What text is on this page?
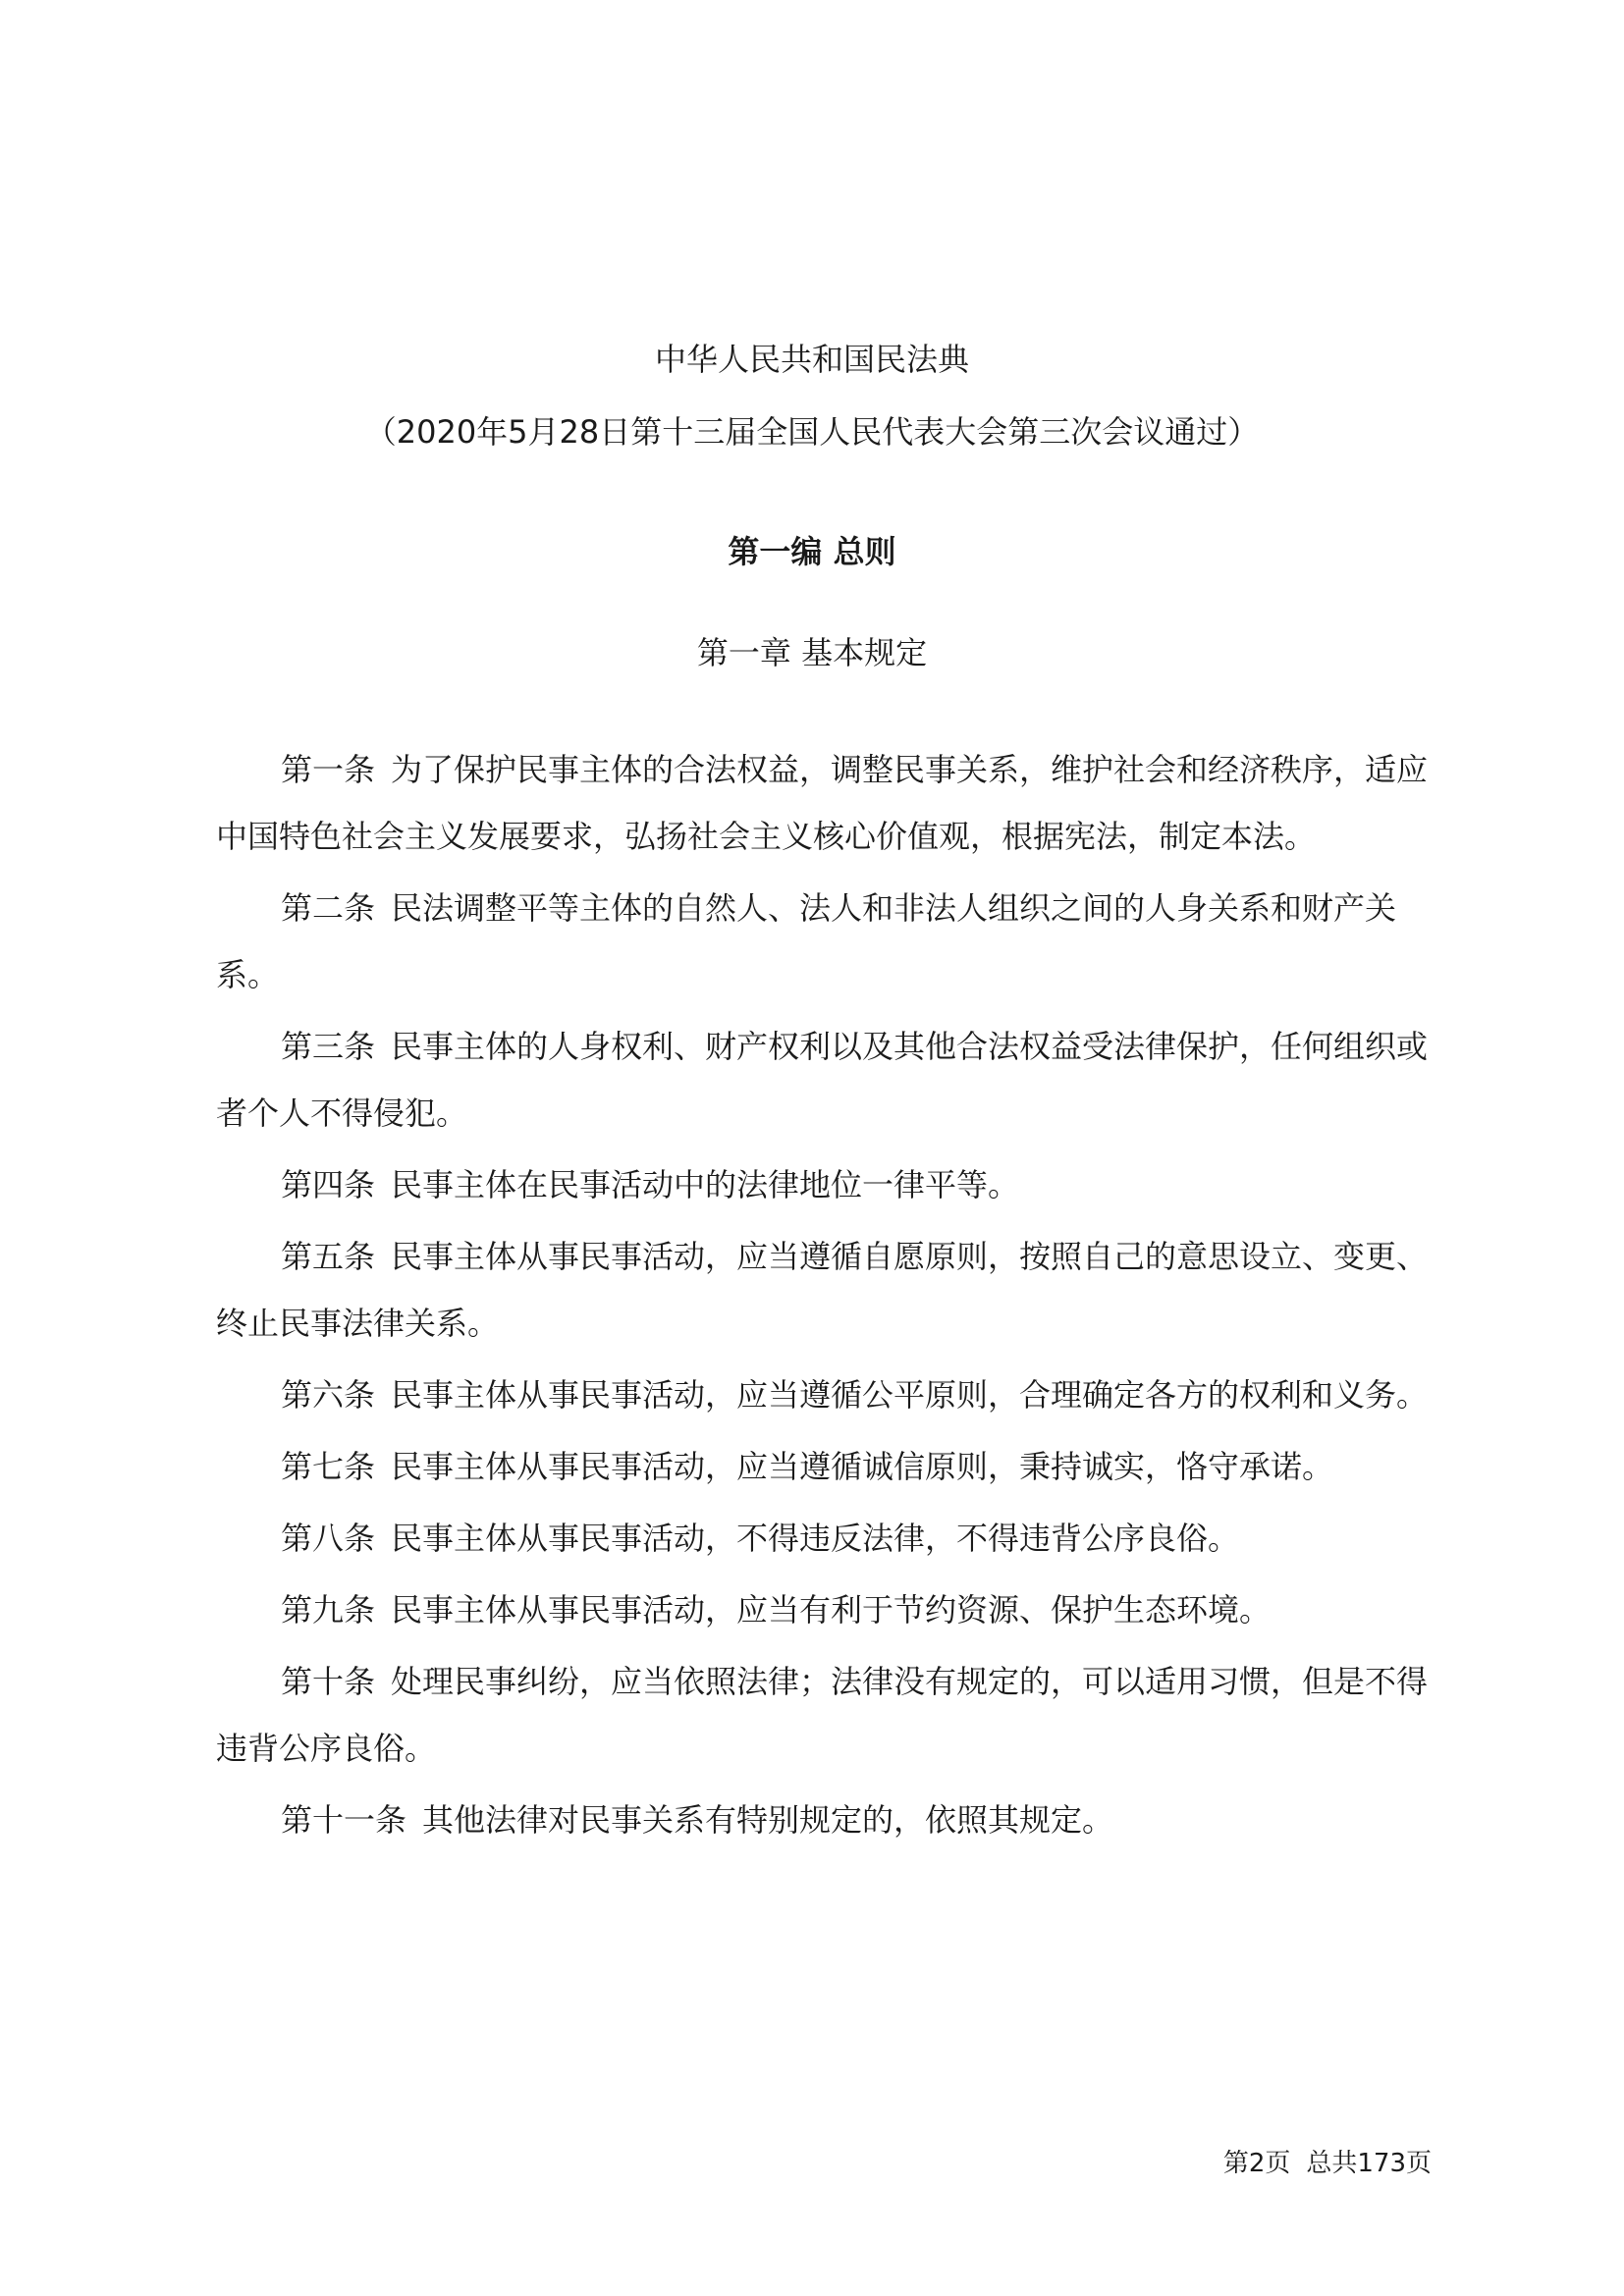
中华人民共和国民法典
（2020年5月28日第十三届全国人民代表大会第三次会议通过）
第一编 总则
第一章 基本规定

第一条 为了保护民事主体的合法权益，调整民事关系，维护社会和经济秩序，适应中国特色社会主义发展要求，弘扬社会主义核心价值观，根据宪法，制定本法。

第二条 民法调整平等主体的自然人、法人和非法人组织之间的人身关系和财产关系。

第三条 民事主体的人身权利、财产权利以及其他合法权益受法律保护，任何组织或者个人不得侵犯。

第四条 民事主体在民事活动中的法律地位一律平等。

第五条 民事主体从事民事活动，应当遵循自愿原则，按照自己的意思设立、变更、终止民事法律关系。

第六条 民事主体从事民事活动，应当遵循公平原则，合理确定各方的权利和义务。

第七条 民事主体从事民事活动，应当遵循诚信原则，秉持诚实，恪守承诺。

第八条 民事主体从事民事活动，不得违反法律，不得违背公序良俗。

第九条 民事主体从事民事活动，应当有利于节约资源、保护生态环境。

第十条 处理民事纠纷，应当依照法律；法律没有规定的，可以适用习惯，但是不得违背公序良俗。

第十一条 其他法律对民事关系有特别规定的，依照其规定。

第2页 总共173页
